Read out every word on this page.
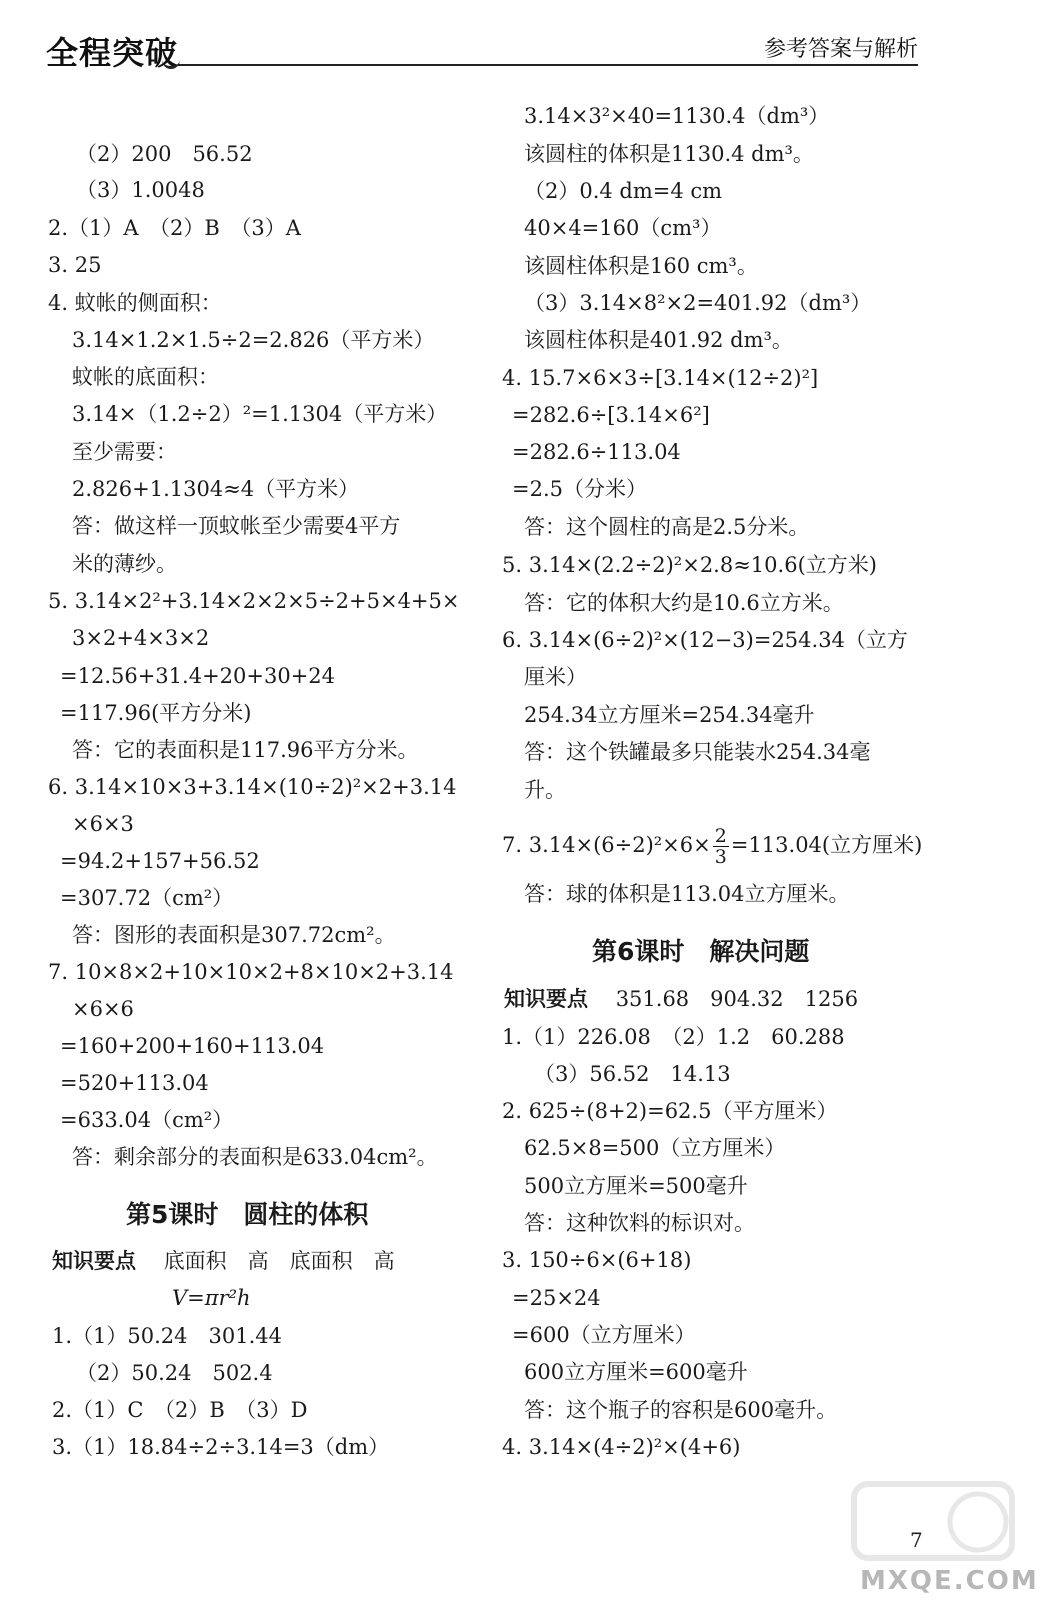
全程突破	参考答案与解析
（2）200　56.52
（3）1.0048
2.（1）A　（2）B　（3）A
3. 25
4. 蚊帐的侧面积：
3.14×1.2×1.5÷2=2.826（平方米）
蚊帐的底面积：
3.14×（1.2÷2）²=1.1304（平方米）
至少需要：
2.826+1.1304≈4（平方米）
答：做这样一顶蚊帐至少需要4平方
米的薄纱。
5. 3.14×2²+3.14×2×2×5÷2+5×4+5×
3×2+4×3×2
=12.56+31.4+20+30+24
=117.96(平方分米)
答：它的表面积是117.96平方分米。
6. 3.14×10×3+3.14×(10÷2)²×2+3.14
×6×3
=94.2+157+56.52
=307.72（cm²）
答：图形的表面积是307.72cm²。
7. 10×8×2+10×10×2+8×10×2+3.14
×6×6
=160+200+160+113.04
=520+113.04
=633.04（cm²）
答：剩余部分的表面积是633.04cm²。
第5课时　圆柱的体积
知识要点　 底面积　高　底面积　高
V=πr²h
1.（1）50.24　301.44
（2）50.24　502.4
2.（1）C　（2）B　（3）D
3.（1）18.84÷2÷3.14=3（dm）
3.14×3²×40=1130.4（dm³）
该圆柱的体积是1130.4 dm³。
（2）0.4 dm=4 cm
40×4=160（cm³）
该圆柱体积是160 cm³。
（3）3.14×8²×2=401.92（dm³）
该圆柱体积是401.92 dm³。
4. 15.7×6×3÷[3.14×(12÷2)²]
=282.6÷[3.14×6²]
=282.6÷113.04
=2.5（分米）
答：这个圆柱的高是2.5分米。
5. 3.14×(2.2÷2)²×2.8≈10.6(立方米)
答：它的体积大约是10.6立方米。
6. 3.14×(6÷2)²×(12−3)=254.34（立方
厘米）
254.34立方厘米=254.34毫升
答：这个铁罐最多只能装水254.34毫
升。
7. $3.14\times(6\div 2)^2\times 6\times \frac{2}{3} =113.04$(立方厘米)
答：球的体积是113.04立方厘米。
第6课时　解决问题
知识要点　 351.68　904.32　1256
1.（1）226.08　（2）1.2　60.288
（3）56.52　14.13
2. 625÷(8+2)=62.5（平方厘米）
62.5×8=500（立方厘米）
500立方厘米=500毫升
答：这种饮料的标识对。
3. 150÷6×(6+18)
=25×24
=600（立方厘米）
600立方厘米=600毫升
答：这个瓶子的容积是600毫升。
4. 3.14×(4÷2)²×(4+6)
7
MXQE.COM
